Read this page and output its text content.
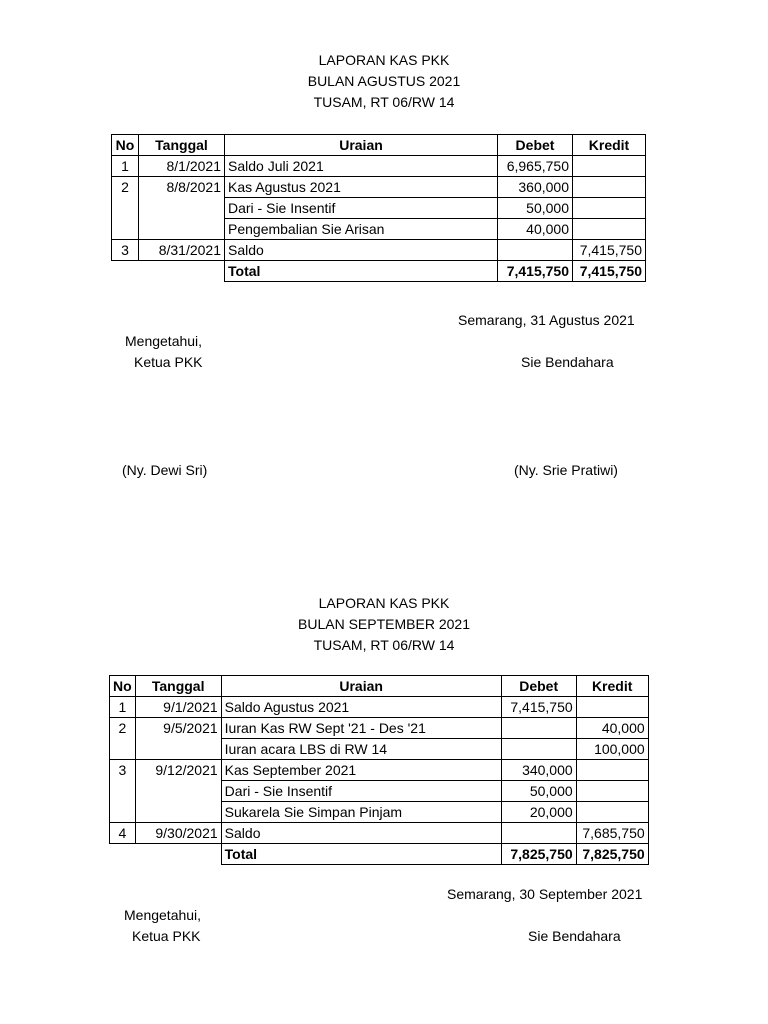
LAPORAN KAS PKK
BULAN AGUSTUS 2021
TUSAM, RT 06/RW 14
No	Tanggal	Uraian	Debet	Kredit
1	8/1/2021	Saldo Juli 2021	6,965,750	
2	8/8/2021	Kas Agustus 2021	360,000	
		Dari - Sie Insentif	50,000	
		Pengembalian Sie Arisan	40,000	
3	8/31/2021	Saldo		7,415,750
		Total	7,415,750	7,415,750
Semarang, 31 Agustus 2021
Mengetahui,
Ketua PKK	Sie Bendahara
(Ny. Dewi Sri)	(Ny. Srie Pratiwi)
LAPORAN KAS PKK
BULAN SEPTEMBER 2021
TUSAM, RT 06/RW 14
No	Tanggal	Uraian	Debet	Kredit
1	9/1/2021	Saldo Agustus 2021	7,415,750	
2	9/5/2021	Iuran Kas RW Sept '21 - Des '21		40,000
		Iuran acara LBS di RW 14		100,000
3	9/12/2021	Kas September 2021	340,000	
		Dari - Sie Insentif	50,000	
		Sukarela Sie Simpan Pinjam	20,000	
4	9/30/2021	Saldo		7,685,750
		Total	7,825,750	7,825,750
Semarang, 30 September 2021
Mengetahui,
Ketua PKK	Sie Bendahara
